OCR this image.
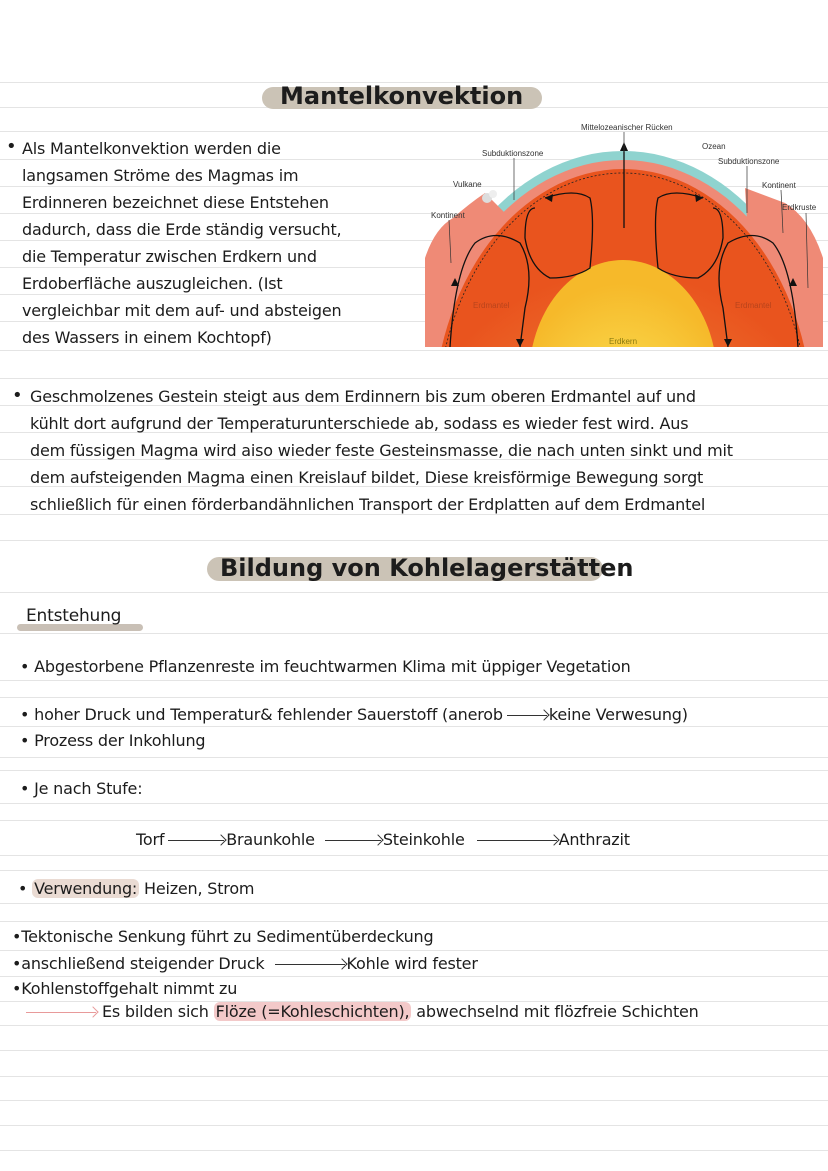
Mantelkonvektion
• Als Mantelkonvektion werden die
langsamen Ströme des Magmas im
Erdinneren bezeichnet diese Entstehen
dadurch, dass die Erde ständig versucht,
die Temperatur zwischen Erdkern und
Erdoberfläche auszugleichen. (Ist
vergleichbar mit dem auf- und absteigen
des Wassers in einem Kochtopf)
Mittelozeanischer Rücken
Subduktionszone
Ozean
Subduktionszone
Vulkane
Kontinent
Kontinent
Erdkruste
Erdmantel	Erdmantel
Erdkern
• Geschmolzenes Gestein steigt aus dem Erdinnern bis zum oberen Erdmantel auf und
kühlt dort aufgrund der Temperaturunterschiede ab, sodass es wieder fest wird. Aus
dem füssigen Magma wird aiso wieder feste Gesteinsmasse, die nach unten sinkt und mit
dem aufsteigenden Magma einen Kreislauf bildet, Diese kreisförmige Bewegung sorgt
schließlich für einen förderbandähnlichen Transport der Erdplatten auf dem Erdmantel
Bildung von Kohlelagerstätten
Entstehung
• Abgestorbene Pflanzenreste im feuchtwarmen Klima mit üppiger Vegetation
• hoher Druck und Temperatur& fehlender Sauerstoff (anerob	keine Verwesung)
• Prozess der Inkohlung
• Je nach Stufe:
Torf	Braunkohle	Steinkohle	Anthrazit
• Verwendung: Heizen, Strom
•Tektonische Senkung führt zu Sedimentüberdeckung
•anschließend steigender Druck	Kohle wird fester
•Kohlenstoffgehalt nimmt zu
Es bilden sich Flöze (=Kohleschichten), abwechselnd mit flözfreie Schichten
